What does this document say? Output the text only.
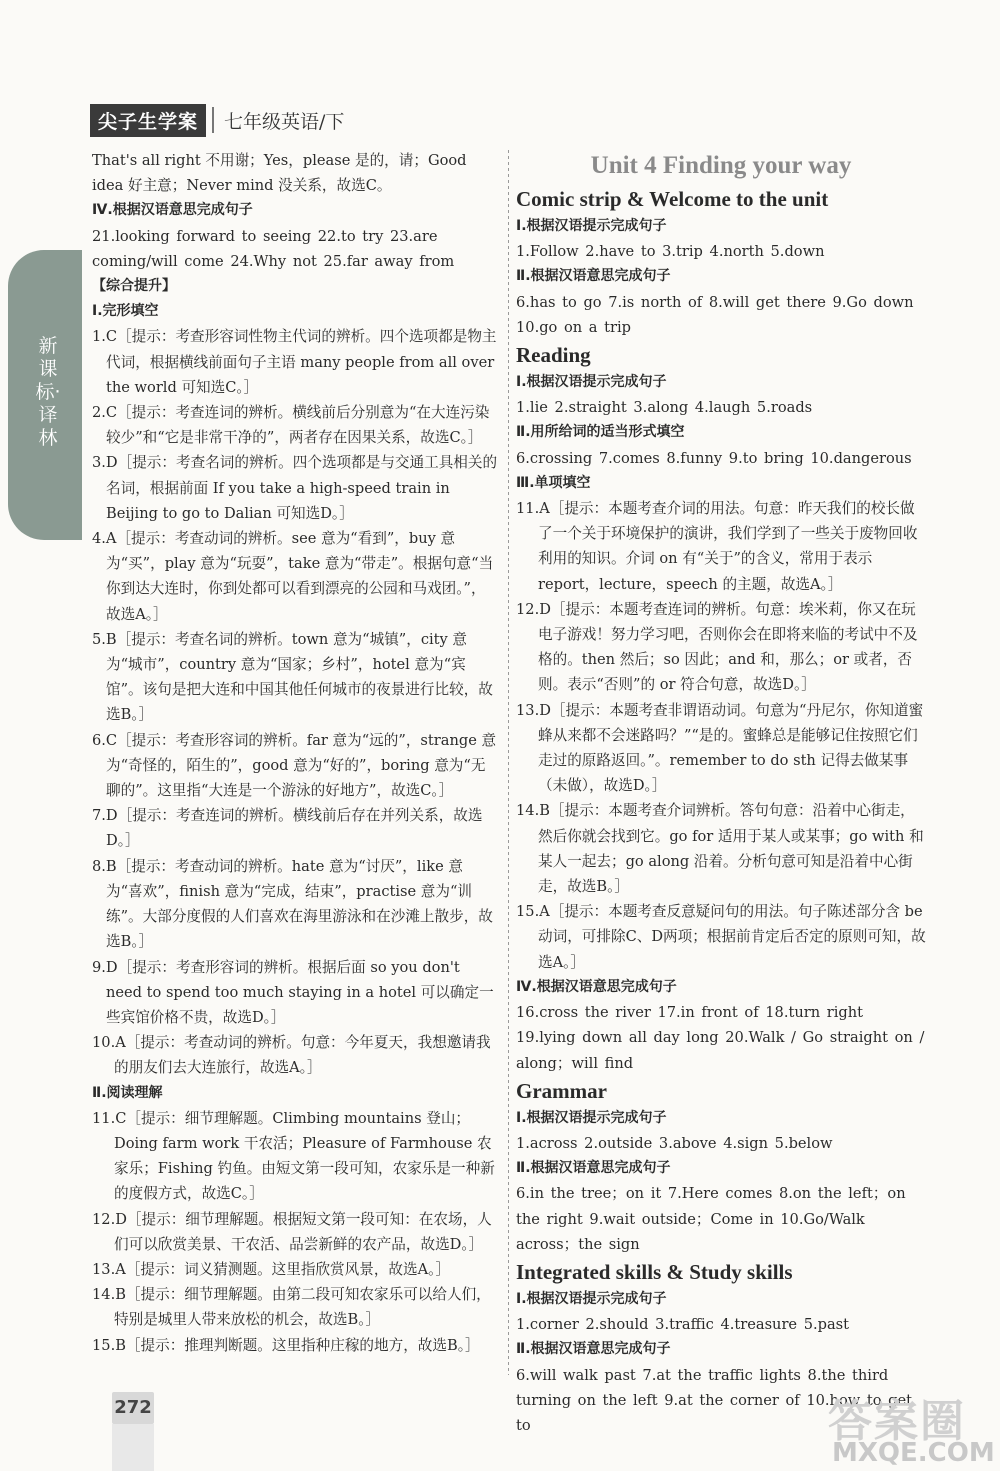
新课标·译林
尖子生学案	七年级英语/下

That's all right 不用谢；Yes，please 是的，请；Good idea 好主意；Never mind 没关系，故选C。

Ⅳ.根据汉语意思完成句子

21.looking forward to seeing 22.to try 23.are coming/will come 24.Why not 25.far away from

【综合提升】

Ⅰ.完形填空

1.C［提示：考查形容词性物主代词的辨析。四个选项都是物主代词，根据横线前面句子主语 many people from all over the world 可知选C。］

2.C［提示：考查连词的辨析。横线前后分别意为“在大连污染较少”和“它是非常干净的”，两者存在因果关系，故选C。］

3.D［提示：考查名词的辨析。四个选项都是与交通工具相关的名词，根据前面 If you take a high-speed train in Beijing to go to Dalian 可知选D。］

4.A［提示：考查动词的辨析。see 意为“看到”，buy 意为“买”，play 意为“玩耍”，take 意为“带走”。根据句意“当你到达大连时，你到处都可以看到漂亮的公园和马戏团。”，故选A。］

5.B［提示：考查名词的辨析。town 意为“城镇”，city 意为“城市”，country 意为“国家；乡村”，hotel 意为“宾馆”。该句是把大连和中国其他任何城市的夜景进行比较，故选B。］

6.C［提示：考查形容词的辨析。far 意为“远的”，strange 意为“奇怪的，陌生的”，good 意为“好的”，boring 意为“无聊的”。这里指“大连是一个游泳的好地方”，故选C。］

7.D［提示：考查连词的辨析。横线前后存在并列关系，故选D。］

8.B［提示：考查动词的辨析。hate 意为“讨厌”，like 意为“喜欢”，finish 意为“完成，结束”，practise 意为“训练”。大部分度假的人们喜欢在海里游泳和在沙滩上散步，故选B。］

9.D［提示：考查形容词的辨析。根据后面 so you don't need to spend too much staying in a hotel 可以确定一些宾馆价格不贵，故选D。］

10.A［提示：考查动词的辨析。句意：今年夏天，我想邀请我的朋友们去大连旅行，故选A。］

Ⅱ.阅读理解

11.C［提示：细节理解题。Climbing mountains 登山；Doing farm work 干农活；Pleasure of Farmhouse 农家乐；Fishing 钓鱼。由短文第一段可知，农家乐是一种新的度假方式，故选C。］

12.D［提示：细节理解题。根据短文第一段可知：在农场，人们可以欣赏美景、干农活、品尝新鲜的农产品，故选D。］

13.A［提示：词义猜测题。这里指欣赏风景，故选A。］

14.B［提示：细节理解题。由第二段可知农家乐可以给人们，特别是城里人带来放松的机会，故选B。］

15.B［提示：推理判断题。这里指种庄稼的地方，故选B。］

Unit 4 Finding your way

Comic strip & Welcome to the unit

Ⅰ.根据汉语提示完成句子

1.Follow 2.have to 3.trip 4.north 5.down

Ⅱ.根据汉语意思完成句子

6.has to go 7.is north of 8.will get there 9.Go down 10.go on a trip

Reading

Ⅰ.根据汉语提示完成句子

1.lie 2.straight 3.along 4.laugh 5.roads

Ⅱ.用所给词的适当形式填空

6.crossing 7.comes 8.funny 9.to bring 10.dangerous

Ⅲ.单项填空

11.A［提示：本题考查介词的用法。句意：昨天我们的校长做了一个关于环境保护的演讲，我们学到了一些关于废物回收利用的知识。介词 on 有“关于”的含义，常用于表示 report，lecture，speech 的主题，故选A。］

12.D［提示：本题考查连词的辨析。句意：埃米莉，你又在玩电子游戏！努力学习吧，否则你会在即将来临的考试中不及格的。then 然后；so 因此；and 和，那么；or 或者，否则。表示“否则”的 or 符合句意，故选D。］

13.D［提示：本题考查非谓语动词。句意为“丹尼尔，你知道蜜蜂从来都不会迷路吗？”“是的。蜜蜂总是能够记住按照它们走过的原路返回。”。remember to do sth 记得去做某事（未做），故选D。］

14.B［提示：本题考查介词辨析。答句句意：沿着中心街走，然后你就会找到它。go for 适用于某人或某事；go with 和某人一起去；go along 沿着。分析句意可知是沿着中心街走，故选B。］

15.A［提示：本题考查反意疑问句的用法。句子陈述部分含 be 动词，可排除C、D两项；根据前肯定后否定的原则可知，故选A。］

Ⅳ.根据汉语意思完成句子

16.cross the river 17.in front of 18.turn right 19.lying down all day long 20.Walk / Go straight on / along；will find

Grammar

Ⅰ.根据汉语提示完成句子

1.across 2.outside 3.above 4.sign 5.below

Ⅱ.根据汉语意思完成句子

6.in the tree；on it 7.Here comes 8.on the left；on the right 9.wait outside；Come in 10.Go/Walk across；the sign

Integrated skills & Study skills

Ⅰ.根据汉语提示完成句子

1.corner 2.should 3.traffic 4.treasure 5.past

Ⅱ.根据汉语意思完成句子

6.will walk past 7.at the traffic lights 8.the third turning on the left 9.at the corner of 10.how to get to

272	答案圈
MXQE.COM
